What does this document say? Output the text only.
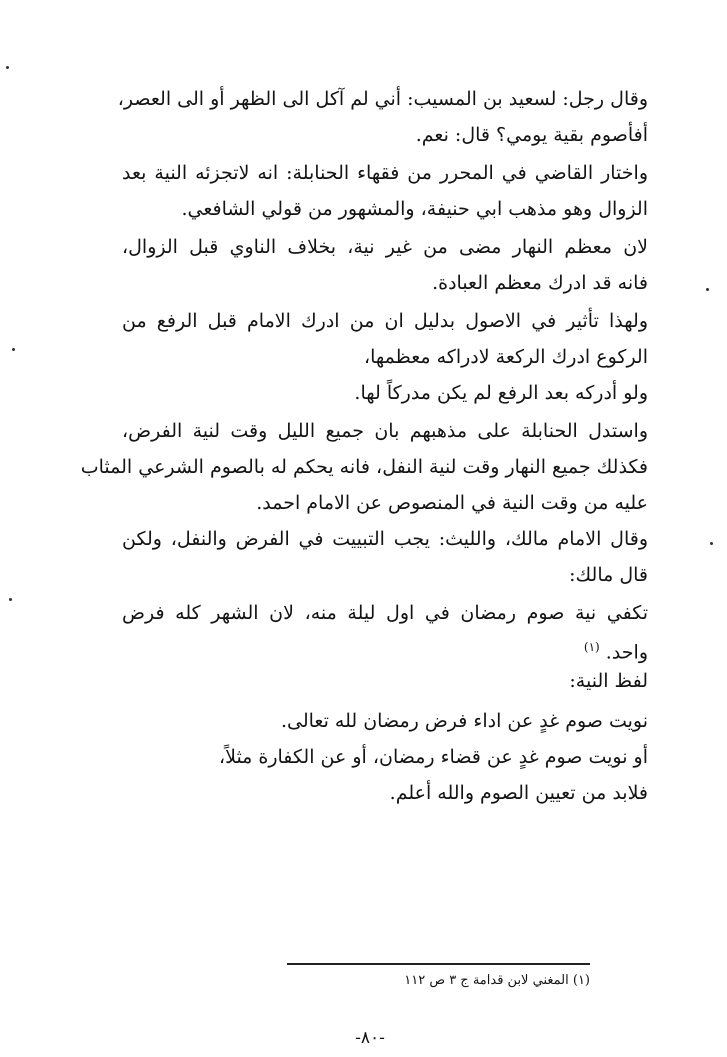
وقال رجل: لسعيد بن المسيب: أني لم آكل الى الظهر أو الى العصر،
أفأصوم بقية يومي؟ قال: نعم.
واختار القاضي في المحرر من فقهاء الحنابلة: انه لاتجزئه النية بعد
الزوال وهو مذهب ابي حنيفة، والمشهور من قولي الشافعي.
لان معظم النهار مضى من غير نية، بخلاف الناوي قبل الزوال،
فانه قد ادرك معظم العبادة.
ولهذا تأثير في الاصول بدليل ان من ادرك الامام قبل الرفع من
الركوع ادرك الركعة لادراكه معظمها،
ولو أدركه بعد الرفع لم يكن مدركاً لها.
واستدل الحنابلة على مذهبهم بان جميع الليل وقت لنية الفرض،
فكذلك جميع النهار وقت لنية النفل، فانه يحكم له بالصوم الشرعي المثاب
عليه من وقت النية في المنصوص عن الامام احمد.
وقال الامام مالك، والليث: يجب التبييت في الفرض والنفل، ولكن
قال مالك:
تكفي نية صوم رمضان في اول ليلة منه، لان الشهر كله فرض
واحد. $^{(١)}$
لفظ النية:
نويت صوم غدٍ عن اداء فرض رمضان لله تعالى.
أو نويت صوم غدٍ عن قضاء رمضان، أو عن الكفارة مثلاً،
فلابد من تعيين الصوم والله أعلم.
(١) المغني لابن قدامة ج ٣ ص ١١٢
-٨٠-
